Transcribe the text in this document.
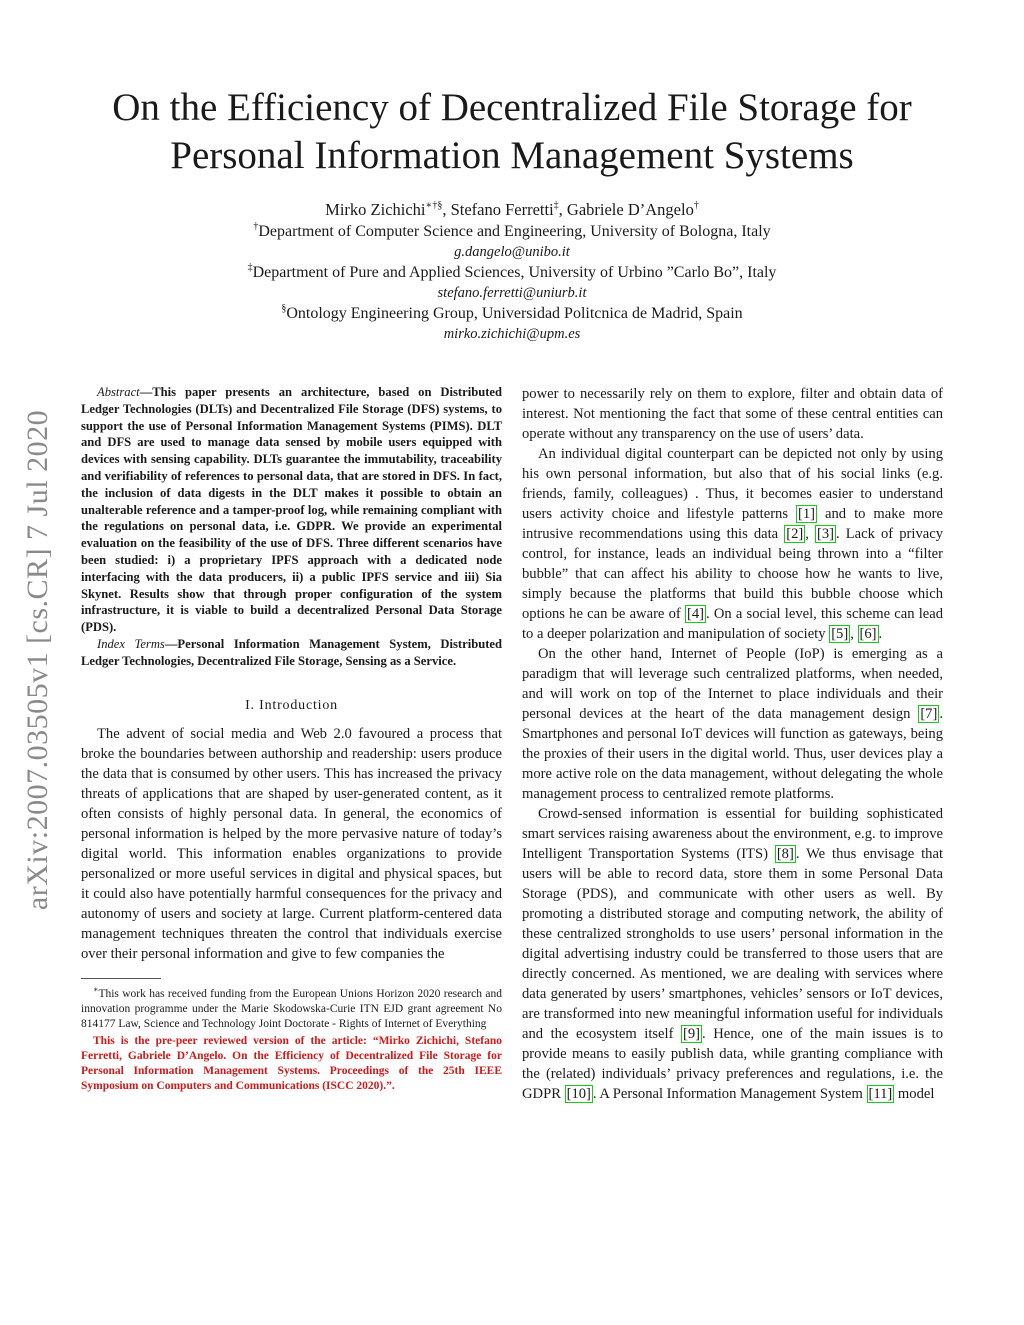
arXiv:2007.03505v1 [cs.CR] 7 Jul 2020
On the Efficiency of Decentralized File Storage for
Personal Information Management Systems
Mirko Zichichi∗†§, Stefano Ferretti‡, Gabriele D’Angelo†
†Department of Computer Science and Engineering, University of Bologna, Italy
g.dangelo@unibo.it
‡Department of Pure and Applied Sciences, University of Urbino ”Carlo Bo”, Italy
stefano.ferretti@uniurb.it
§Ontology Engineering Group, Universidad Politcnica de Madrid, Spain
mirko.zichichi@upm.es

Abstract—This paper presents an architecture, based on Distributed Ledger Technologies (DLTs) and Decentralized File Storage (DFS) systems, to support the use of Personal Information Management Systems (PIMS). DLT and DFS are used to manage data sensed by mobile users equipped with devices with sensing capability. DLTs guarantee the immutability, traceability and verifiability of references to personal data, that are stored in DFS. In fact, the inclusion of data digests in the DLT makes it possible to obtain an unalterable reference and a tamper-proof log, while remaining compliant with the regulations on personal data, i.e. GDPR. We provide an experimental evaluation on the feasibility of the use of DFS. Three different scenarios have been studied: i) a proprietary IPFS approach with a dedicated node interfacing with the data producers, ii) a public IPFS service and iii) Sia Skynet. Results show that through proper configuration of the system infrastructure, it is viable to build a decentralized Personal Data Storage (PDS).

Index Terms—Personal Information Management System, Distributed Ledger Technologies, Decentralized File Storage, Sensing as a Service.

I. Introduction

The advent of social media and Web 2.0 favoured a process that broke the boundaries between authorship and readership: users produce the data that is consumed by other users. This has increased the privacy threats of applications that are shaped by user-generated content, as it often consists of highly personal data. In general, the economics of personal information is helped by the more pervasive nature of today’s digital world. This information enables organizations to provide personalized or more useful services in digital and physical spaces, but it could also have potentially harmful consequences for the privacy and autonomy of users and society at large. Current platform-centered data management techniques threaten the control that individuals exercise over their personal information and give to few companies the

∗This work has received funding from the European Unions Horizon 2020 research and innovation programme under the Marie Skodowska-Curie ITN EJD grant agreement No 814177 Law, Science and Technology Joint Doctorate - Rights of Internet of Everything

This is the pre-peer reviewed version of the article: “Mirko Zichichi, Stefano Ferretti, Gabriele D’Angelo. On the Efficiency of Decentralized File Storage for Personal Information Management Systems. Proceedings of the 25th IEEE Symposium on Computers and Communications (ISCC 2020).”.

power to necessarily rely on them to explore, filter and obtain data of interest. Not mentioning the fact that some of these central entities can operate without any transparency on the use of users’ data.

An individual digital counterpart can be depicted not only by using his own personal information, but also that of his social links (e.g. friends, family, colleagues) . Thus, it becomes easier to understand users activity choice and lifestyle patterns [1] and to make more intrusive recommendations using this data [2] , [3] . Lack of privacy control, for instance, leads an individual being thrown into a “filter bubble” that can affect his ability to choose how he wants to live, simply because the platforms that build this bubble choose which options he can be aware of [4] . On a social level, this scheme can lead to a deeper polarization and manipulation of society [5] , [6] .

On the other hand, Internet of People (IoP) is emerging as a paradigm that will leverage such centralized platforms, when needed, and will work on top of the Internet to place individuals and their personal devices at the heart of the data management design [7] . Smartphones and personal IoT devices will function as gateways, being the proxies of their users in the digital world. Thus, user devices play a more active role on the data management, without delegating the whole management process to centralized remote platforms.

Crowd-sensed information is essential for building sophisticated smart services raising awareness about the environment, e.g. to improve Intelligent Transportation Systems (ITS) [8] . We thus envisage that users will be able to record data, store them in some Personal Data Storage (PDS), and communicate with other users as well. By promoting a distributed storage and computing network, the ability of these centralized strongholds to use users’ personal information in the digital advertising industry could be transferred to those users that are directly concerned. As mentioned, we are dealing with services where data generated by users’ smartphones, vehicles’ sensors or IoT devices, are transformed into new meaningful information useful for individuals and the ecosystem itself [9] . Hence, one of the main issues is to provide means to easily publish data, while granting compliance with the (related) individuals’ privacy preferences and regulations, i.e. the GDPR [10] . A Personal Information Management System [11] model
